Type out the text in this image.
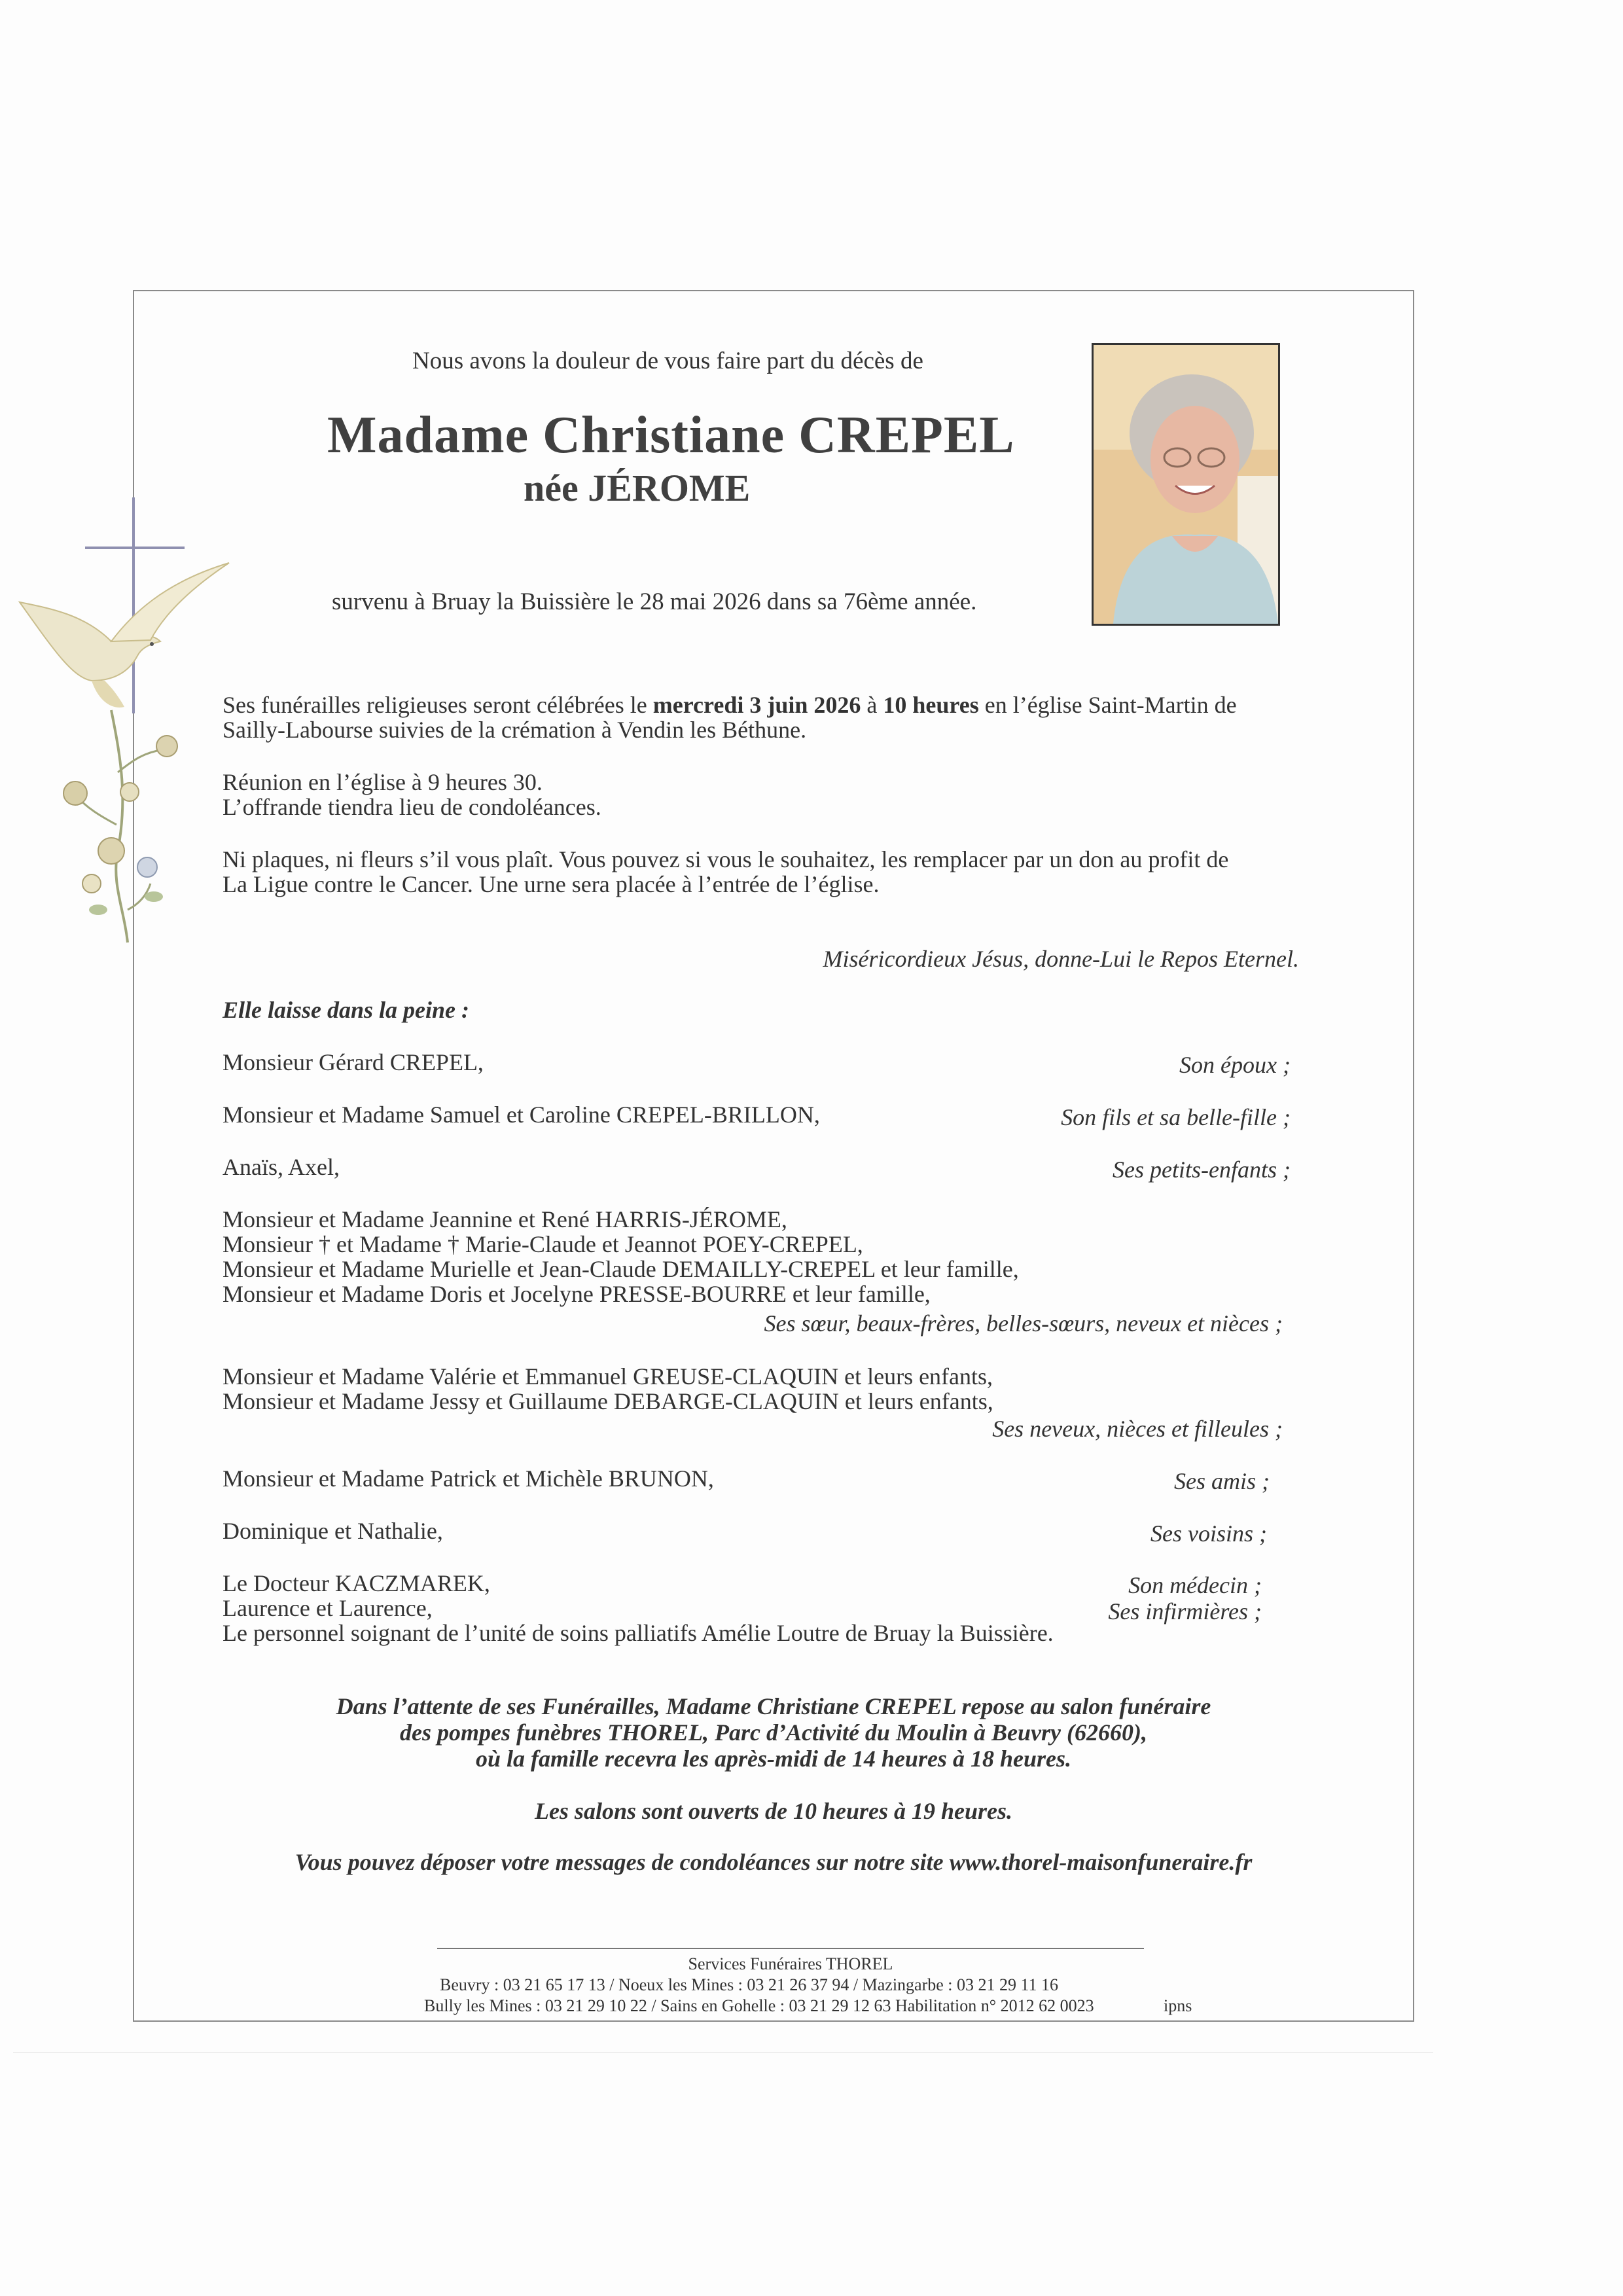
Nous avons la douleur de vous faire part du décès de
Madame Christiane CREPEL
née JÉROME
survenu à Bruay la Buissière le 28 mai 2026 dans sa 76ème année.
Ses funérailles religieuses seront célébrées le mercredi 3 juin 2026 à 10 heures en l’église Saint-Martin de
Sailly-Labourse suivies de la crémation à Vendin les Béthune.
Réunion en l’église à 9 heures 30.
L’offrande tiendra lieu de condoléances.
Ni plaques, ni fleurs s’il vous plaît. Vous pouvez si vous le souhaitez, les remplacer par un don au profit de
La Ligue contre le Cancer. Une urne sera placée à l’entrée de l’église.
Miséricordieux Jésus, donne-Lui le Repos Eternel.
Elle laisse dans la peine :
Monsieur Gérard CREPEL,	Son époux ;
Monsieur et Madame Samuel et Caroline CREPEL-BRILLON,	Son fils et sa belle-fille ;
Anaïs, Axel,	Ses petits-enfants ;
Monsieur et Madame Jeannine et René HARRIS-JÉROME,
Monsieur † et Madame † Marie-Claude et Jeannot POEY-CREPEL,
Monsieur et Madame Murielle et Jean-Claude DEMAILLY-CREPEL et leur famille,
Monsieur et Madame Doris et Jocelyne PRESSE-BOURRE et leur famille,
Ses sœur, beaux-frères, belles-sœurs, neveux et nièces ;
Monsieur et Madame Valérie et Emmanuel GREUSE-CLAQUIN et leurs enfants,
Monsieur et Madame Jessy et Guillaume DEBARGE-CLAQUIN et leurs enfants,
Ses neveux, nièces et filleules ;
Monsieur et Madame Patrick et Michèle BRUNON,	Ses amis ;
Dominique et Nathalie,	Ses voisins ;
Le Docteur KACZMAREK,	Son médecin ;
Laurence et Laurence,	Ses infirmières ;
Le personnel soignant de l’unité de soins palliatifs Amélie Loutre de Bruay la Buissière.
Dans l’attente de ses Funérailles, Madame Christiane CREPEL repose au salon funéraire
des pompes funèbres THOREL, Parc d’Activité du Moulin à Beuvry (62660),
où la famille recevra les après-midi de 14 heures à 18 heures.
Les salons sont ouverts de 10 heures à 19 heures.
Vous pouvez déposer votre messages de condoléances sur notre site www.thorel-maisonfuneraire.fr
Services Funéraires THOREL
Beuvry : 03 21 65 17 13 / Noeux les Mines : 03 21 26 37 94 / Mazingarbe : 03 21 29 11 16
Bully les Mines : 03 21 29 10 22 / Sains en Gohelle : 03 21 29 12 63 Habilitation n° 2012 62 0023	ipns
